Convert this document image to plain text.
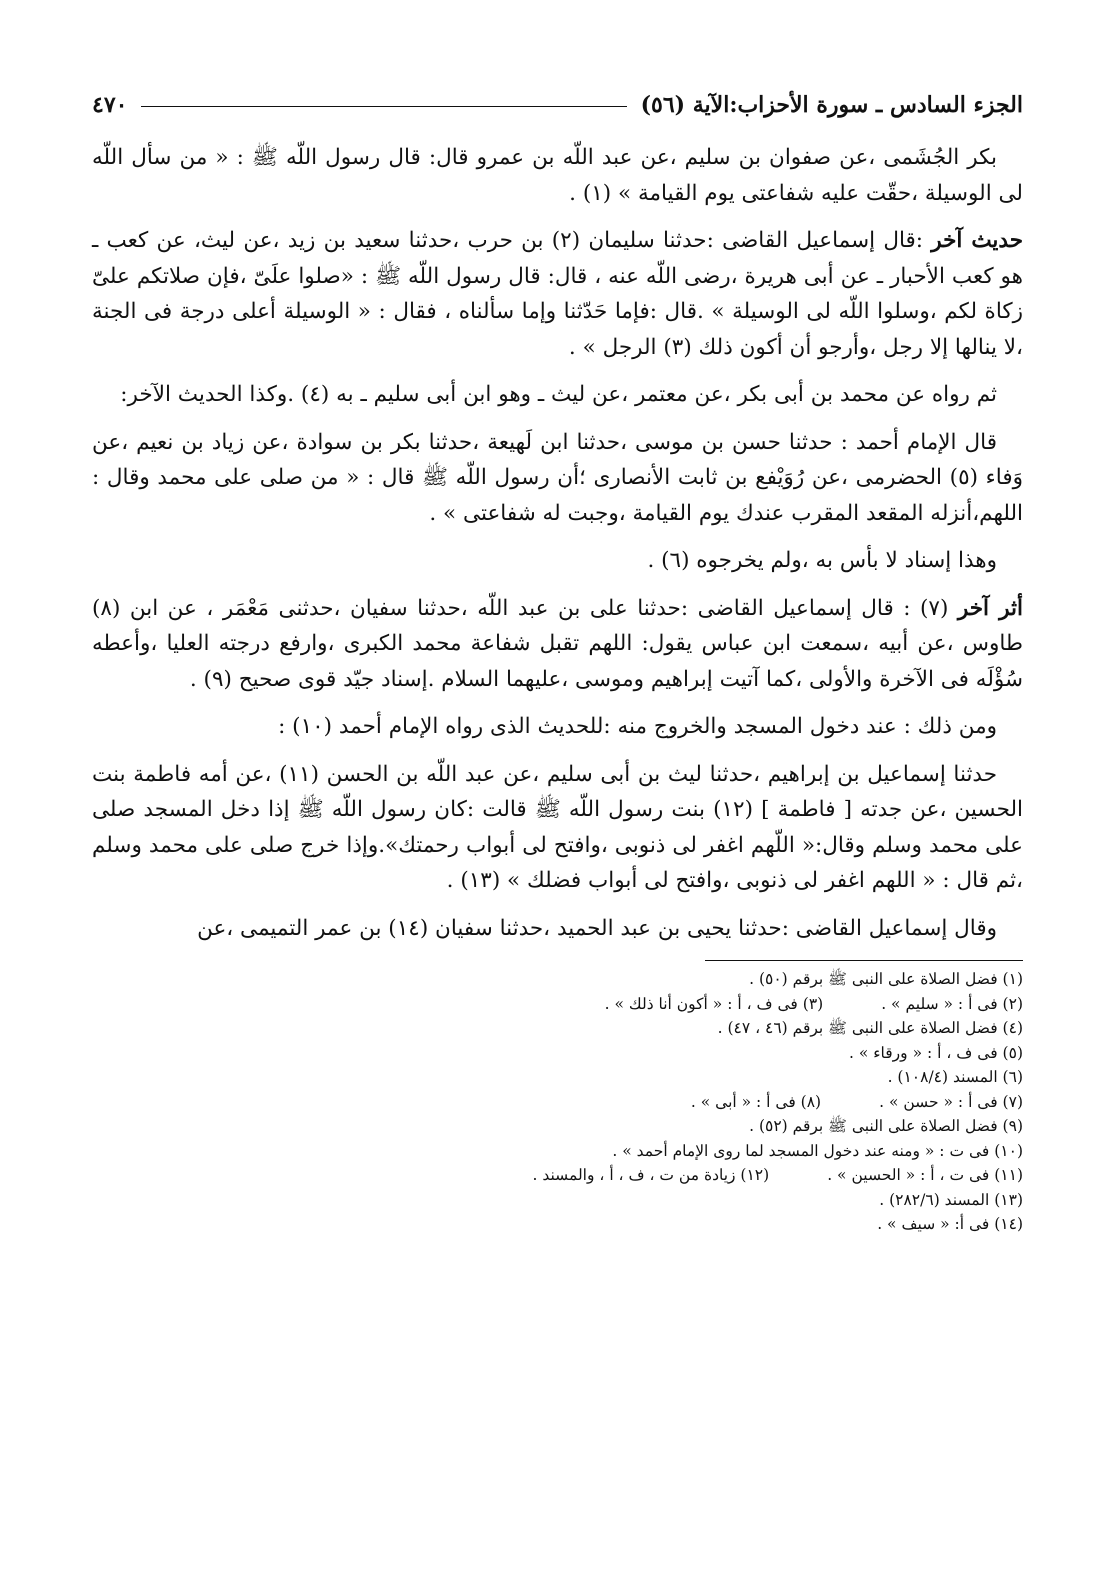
الجزء السادس ـ سورة الأحزاب:الآية (٥٦)
٤٧٠

بكر الجُشَمى ،عن صفوان بن سليم ،عن عبد اللّه بن عمرو قال: قال رسول اللّه ﷺ : « من سأل اللّه لى الوسيلة ،حقّت عليه شفاعتى يوم القيامة » (١) .

حديث آخر :قال إسماعيل القاضى :حدثنا سليمان (٢) بن حرب ،حدثنا سعيد بن زيد ،عن ليث، عن كعب ـ هو كعب الأحبار ـ عن أبى هريرة ،رضى اللّه عنه ، قال: قال رسول اللّه ﷺ : «صلوا علَىّ ،فإن صلاتكم علىّ زكاة لكم ،وسلوا اللّه لى الوسيلة » .قال :فإما حَدّثنا وإما سألناه ، فقال : « الوسيلة أعلى درجة فى الجنة ،لا ينالها إلا رجل ،وأرجو أن أكون ذلك (٣) الرجل » .

ثم رواه عن محمد بن أبى بكر ،عن معتمر ،عن ليث ـ وهو ابن أبى سليم ـ به (٤) .وكذا الحديث الآخر:

قال الإمام أحمد : حدثنا حسن بن موسى ،حدثنا ابن لَهيعة ،حدثنا بكر بن سوادة ،عن زياد بن نعيم ،عن وَفاء (٥) الحضرمى ،عن رُوَيْفع بن ثابت الأنصارى ؛أن رسول اللّه ﷺ قال : « من صلى على محمد وقال : اللهم،أنزله المقعد المقرب عندك يوم القيامة ،وجبت له شفاعتى » .

وهذا إسناد لا بأس به ،ولم يخرجوه (٦) .

أثر آخر (٧) : قال إسماعيل القاضى :حدثنا على بن عبد اللّه ،حدثنا سفيان ،حدثنى مَعْمَر ، عن ابن (٨) طاوس ،عن أبيه ،سمعت ابن عباس يقول: اللهم تقبل شفاعة محمد الكبرى ،وارفع درجته العليا ،وأعطه سُؤْلَه فى الآخرة والأولى ،كما آتيت إبراهيم وموسى ،عليهما السلام .إسناد جيّد قوى صحيح (٩) .

ومن ذلك : عند دخول المسجد والخروج منه :للحديث الذى رواه الإمام أحمد (١٠) :

حدثنا إسماعيل بن إبراهيم ،حدثنا ليث بن أبى سليم ،عن عبد اللّه بن الحسن (١١) ،عن أمه فاطمة بنت الحسين ،عن جدته [ فاطمة ] (١٢) بنت رسول اللّه ﷺ قالت :كان رسول اللّه ﷺ إذا دخل المسجد صلى على محمد وسلم وقال:« اللّهم اغفر لى ذنوبى ،وافتح لى أبواب رحمتك».وإذا خرج صلى على محمد وسلم ،ثم قال : « اللهم اغفر لى ذنوبى ،وافتح لى أبواب فضلك » (١٣) .

وقال إسماعيل القاضى :حدثنا يحيى بن عبد الحميد ،حدثنا سفيان (١٤) بن عمر التميمى ،عن

(١) فضل الصلاة على النبى ﷺ برقم (٥٠) .

(٢) فى أ : « سليم » .(٣) فى ف ، أ : « أكون أنا ذلك » .

(٤) فضل الصلاة على النبى ﷺ برقم (٤٦ ، ٤٧) .

(٥) فى ف ، أ : « ورقاء » .

(٦) المسند (١٠٨/٤) .

(٧) فى أ : « حسن » .(٨) فى أ : « أبى » .

(٩) فضل الصلاة على النبى ﷺ برقم (٥٢) .

(١٠) فى ت : « ومنه عند دخول المسجد لما روى الإمام أحمد » .

(١١) فى ت ، أ : « الحسين » .(١٢) زيادة من ت ، ف ، أ ، والمسند .

(١٣) المسند (٢٨٢/٦) .

(١٤) فى أ: « سيف » .
